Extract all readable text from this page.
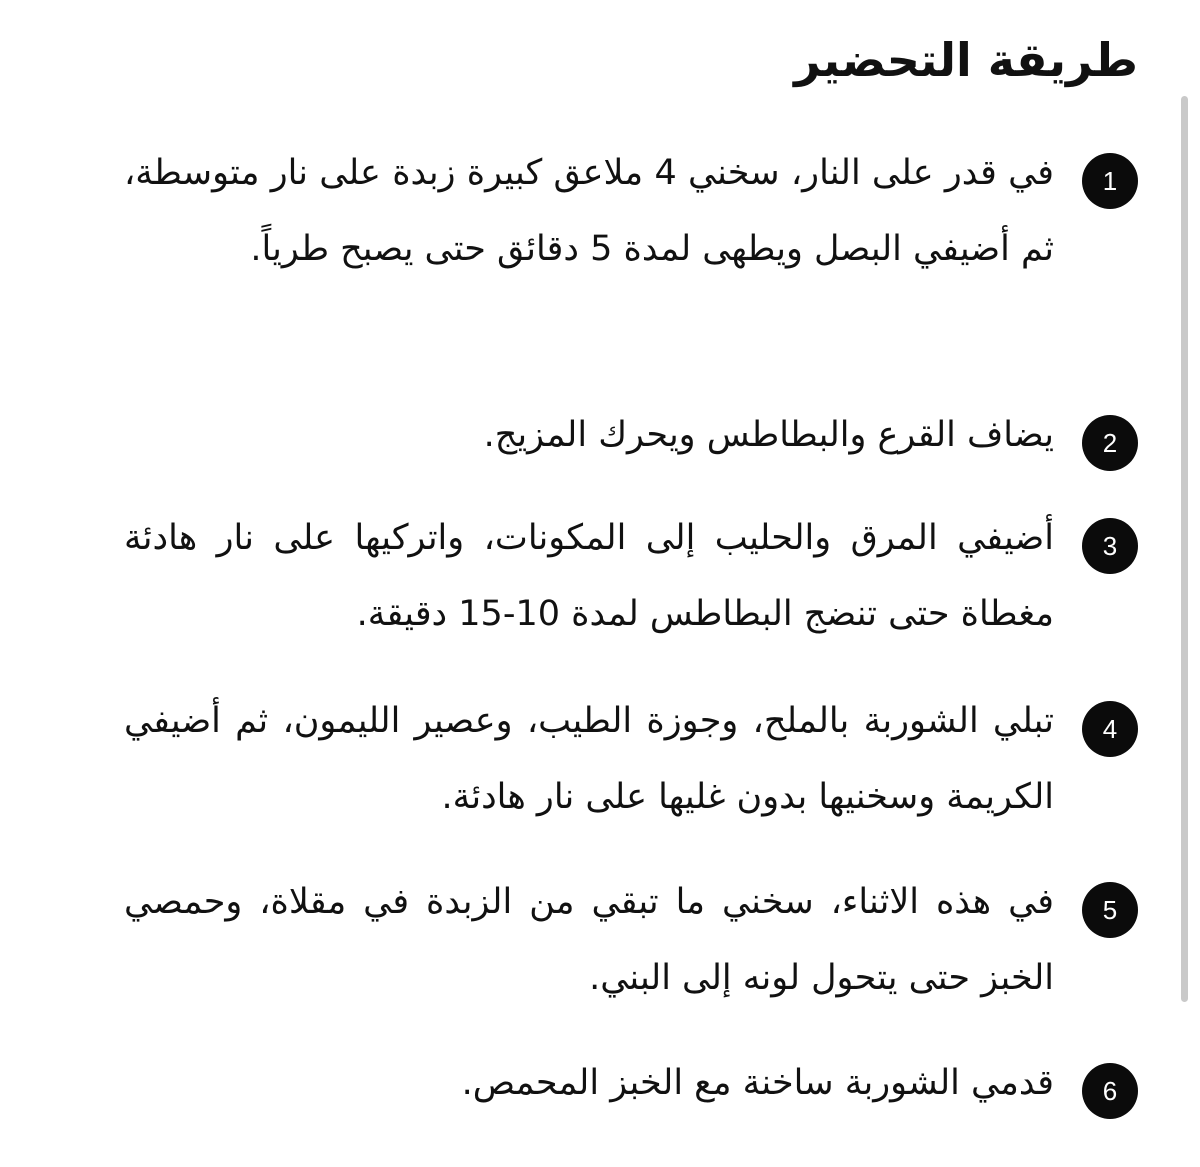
طريقة التحضير
1

في قدر على النار، سخني 4 ملاعق كبيرة زبدة على نار متوسطة، ثم أضيفي البصل ويطهى لمدة 5 دقائق حتى يصبح طرياً.

2

يضاف القرع والبطاطس ويحرك المزيج.

3

أضيفي المرق والحليب إلى المكونات، واتركيها على نار هادئة مغطاة حتى تنضج البطاطس لمدة 10-15 دقيقة.

4

تبلي الشوربة بالملح، وجوزة الطيب، وعصير الليمون، ثم أضيفي الكريمة وسخنيها بدون غليها على نار هادئة.

5

في هذه الاثناء، سخني ما تبقي من الزبدة في مقلاة، وحمصي الخبز حتى يتحول لونه إلى البني.

6

قدمي الشوربة ساخنة مع الخبز المحمص.
